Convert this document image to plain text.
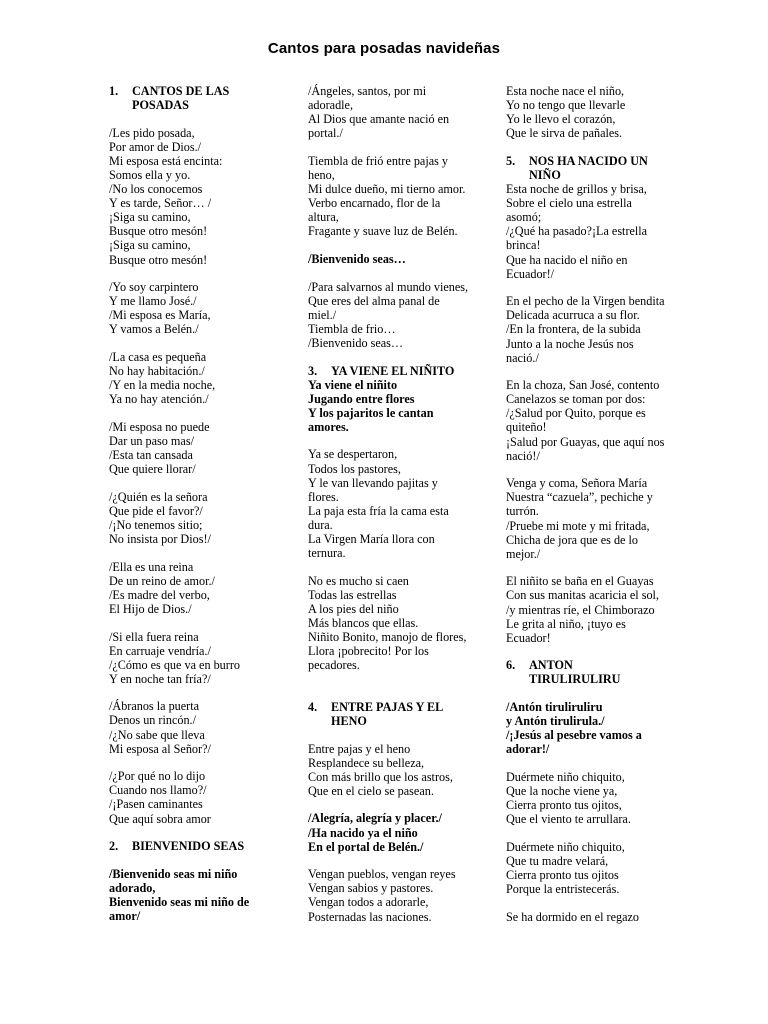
Cantos para posadas navideñas
1.	CANTOS DE LAS
POSADAS
/Les pido posada,
Por amor de Dios./
Mi esposa está encinta:
Somos ella y yo.
/No los conocemos
Y es tarde, Señor… /
¡Siga su camino,
Busque otro mesón!
¡Siga su camino,
Busque otro mesón!
/Yo soy carpintero
Y me llamo José./
/Mi esposa es María,
Y vamos a Belén./
/La casa es pequeña
No hay habitación./
/Y en la media noche,
Ya no hay atención./
/Mi esposa no puede
Dar un paso mas/
/Esta tan cansada
Que quiere llorar/
/¿Quién es la señora
Que pide el favor?/
/¡No tenemos sitio;
No insista por Dios!/
/Ella es una reina
De un reino de amor./
/Es madre del verbo,
El Hijo de Dios./
/Si ella fuera reina
En carruaje vendría./
/¿Cómo es que va en burro
Y en noche tan fría?/
/Ábranos la puerta
Denos un rincón./
/¿No sabe que lleva
Mi esposa al Señor?/
/¿Por qué no lo dijo
Cuando nos llamo?/
/¡Pasen caminantes
Que aquí sobra amor
2.	BIENVENIDO SEAS
/Bienvenido seas mi niño
adorado,
Bienvenido seas mi niño de
amor/
/Ángeles, santos, por mi
adoradle,
Al Dios que amante nació en
portal./
Tiembla de frió entre pajas y
heno,
Mi dulce dueño, mi tierno amor.
Verbo encarnado, flor de la
altura,
Fragante y suave luz de Belén.
/Bienvenido seas…
/Para salvarnos al mundo vienes,
Que eres del alma panal de
miel./
Tiembla de frio…
/Bienvenido seas…
3.	YA VIENE EL NIÑITO
Ya viene el niñito
Jugando entre flores
Y los pajaritos le cantan
amores.
Ya se despertaron,
Todos los pastores,
Y le van llevando pajitas y
flores.
La paja esta fría la cama esta
dura.
La Virgen María llora con
ternura.
No es mucho si caen
Todas las estrellas
A los pies del niño
Más blancos que ellas.
Niñito Bonito, manojo de flores,
Llora ¡pobrecito! Por los
pecadores.
4.	ENTRE PAJAS Y EL
HENO
Entre pajas y el heno
Resplandece su belleza,
Con más brillo que los astros,
Que en el cielo se pasean.
/Alegría, alegría y placer./
/Ha nacido ya el niño
En el portal de Belén./
Vengan pueblos, vengan reyes
Vengan sabios y pastores.
Vengan todos a adorarle,
Posternadas las naciones.
Esta noche nace el niño,
Yo no tengo que llevarle
Yo le llevo el corazón,
Que le sirva de pañales.
5.	NOS HA NACIDO UN
NIÑO
Esta noche de grillos y brisa,
Sobre el cielo una estrella
asomó;
/¿Qué ha pasado?¡La estrella
brinca!
Que ha nacido el niño en
Ecuador!/
En el pecho de la Virgen bendita
Delicada acurruca a su flor.
/En la frontera, de la subida
Junto a la noche Jesús nos
nació./
En la choza, San José, contento
Canelazos se toman por dos:
/¿Salud por Quito, porque es
quiteño!
¡Salud por Guayas, que aquí nos
nació!/
Venga y coma, Señora María
Nuestra “cazuela”, pechiche y
turrón.
/Pruebe mi mote y mi fritada,
Chicha de jora que es de lo
mejor./
El niñito se baña en el Guayas
Con sus manitas acaricia el sol,
/y mientras ríe, el Chimborazo
Le grita al niño, ¡tuyo es
Ecuador!
6.	ANTON
TIRULIRULIRU
/Antón tiruliruliru
y Antón tirulirula./
/¡Jesús al pesebre vamos a
adorar!/
Duérmete niño chiquito,
Que la noche viene ya,
Cierra pronto tus ojitos,
Que el viento te arrullara.
Duérmete niño chiquito,
Que tu madre velará,
Cierra pronto tus ojitos
Porque la entristecerás.
Se ha dormido en el regazo
